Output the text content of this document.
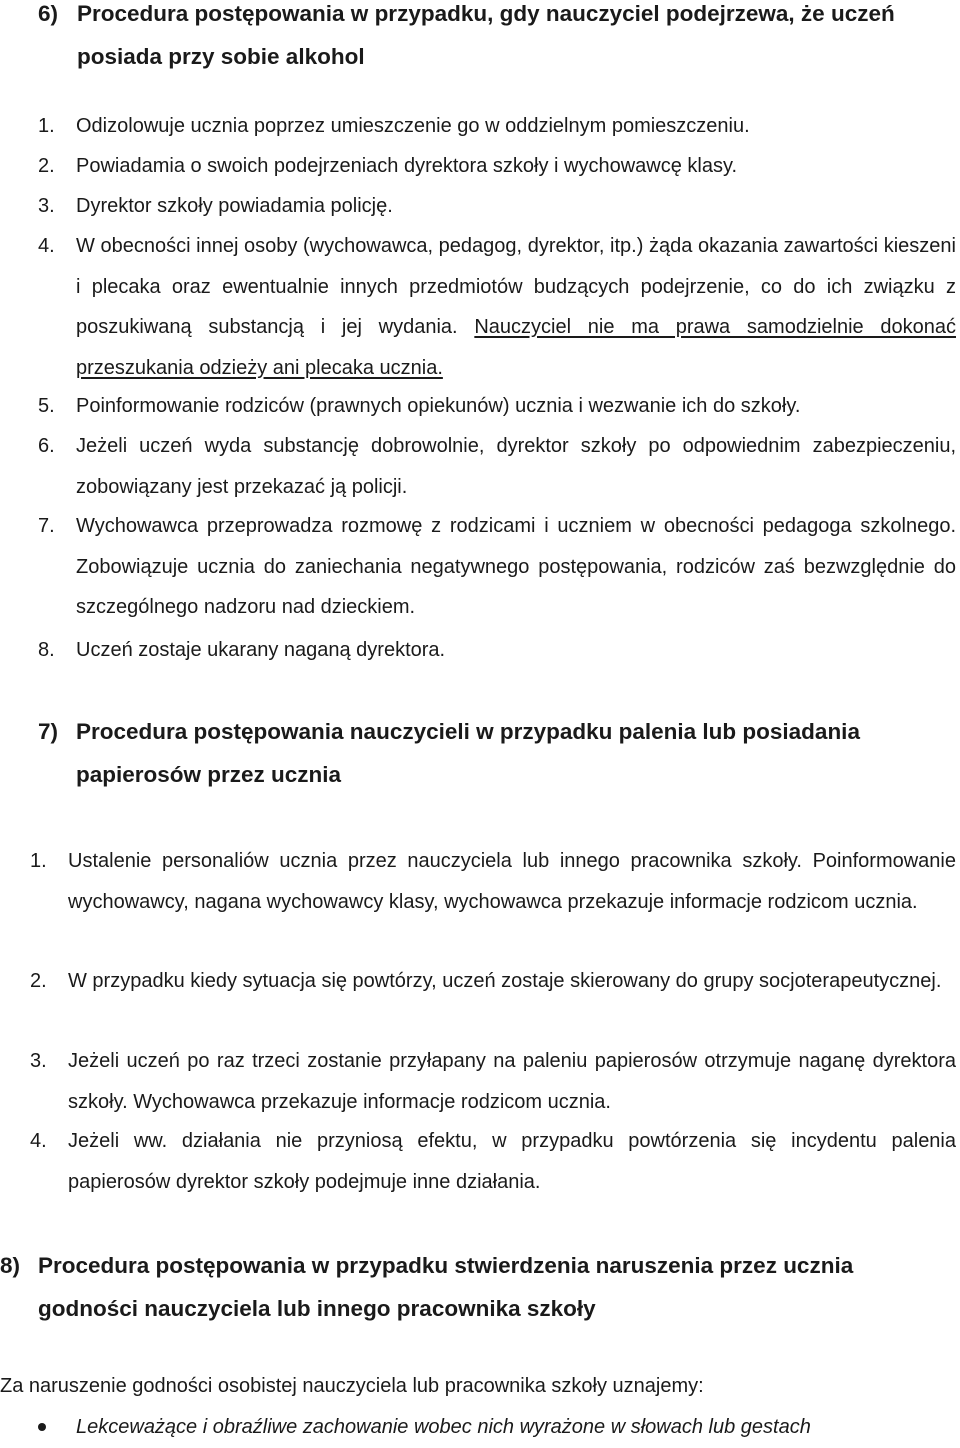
6) Procedura postępowania w przypadku, gdy nauczyciel podejrzewa, że uczeń posiada przy sobie alkohol
1.	Odizolowuje ucznia poprzez umieszczenie go w oddzielnym pomieszczeniu.
2.	Powiadamia o swoich podejrzeniach dyrektora szkoły i wychowawcę klasy.
3.	Dyrektor szkoły powiadamia policję.
4.	W obecności innej osoby (wychowawca, pedagog, dyrektor, itp.) żąda okazania zawartości kieszeni i plecaka oraz ewentualnie innych przedmiotów budzących podejrzenie, co do ich związku z poszukiwaną substancją i jej wydania. Nauczyciel nie ma prawa samodzielnie dokonać przeszukania odzieży ani plecaka ucznia.
5.	Poinformowanie rodziców (prawnych opiekunów) ucznia i wezwanie ich do szkoły.
6.	Jeżeli uczeń wyda substancję dobrowolnie, dyrektor szkoły po odpowiednim zabezpieczeniu, zobowiązany jest przekazać ją policji.
7.	Wychowawca przeprowadza rozmowę z rodzicami i uczniem w obecności pedagoga szkolnego. Zobowiązuje ucznia do zaniechania negatywnego postępowania, rodziców zaś bezwzględnie do szczególnego nadzoru nad dzieckiem.
8.	Uczeń zostaje ukarany naganą dyrektora.
7) Procedura postępowania nauczycieli w przypadku palenia lub posiadania papierosów przez ucznia
1.	Ustalenie personaliów ucznia przez nauczyciela lub innego pracownika szkoły. Poinformowanie wychowawcy, nagana wychowawcy klasy, wychowawca przekazuje informacje rodzicom ucznia.
2.	W przypadku kiedy sytuacja się powtórzy, uczeń zostaje skierowany do grupy socjoterapeutycznej.
3.	Jeżeli uczeń po raz trzeci zostanie przyłapany na paleniu papierosów otrzymuje naganę dyrektora szkoły. Wychowawca przekazuje informacje rodzicom ucznia.
4.	Jeżeli ww. działania nie przyniosą efektu, w przypadku powtórzenia się incydentu palenia papierosów dyrektor szkoły podejmuje inne działania.
8) Procedura postępowania w przypadku stwierdzenia naruszenia przez ucznia godności nauczyciela lub innego pracownika szkoły
Za naruszenie godności osobistej nauczyciela lub pracownika szkoły uznajemy:
Lekceważące i obraźliwe zachowanie wobec nich wyrażone w słowach lub gestach
